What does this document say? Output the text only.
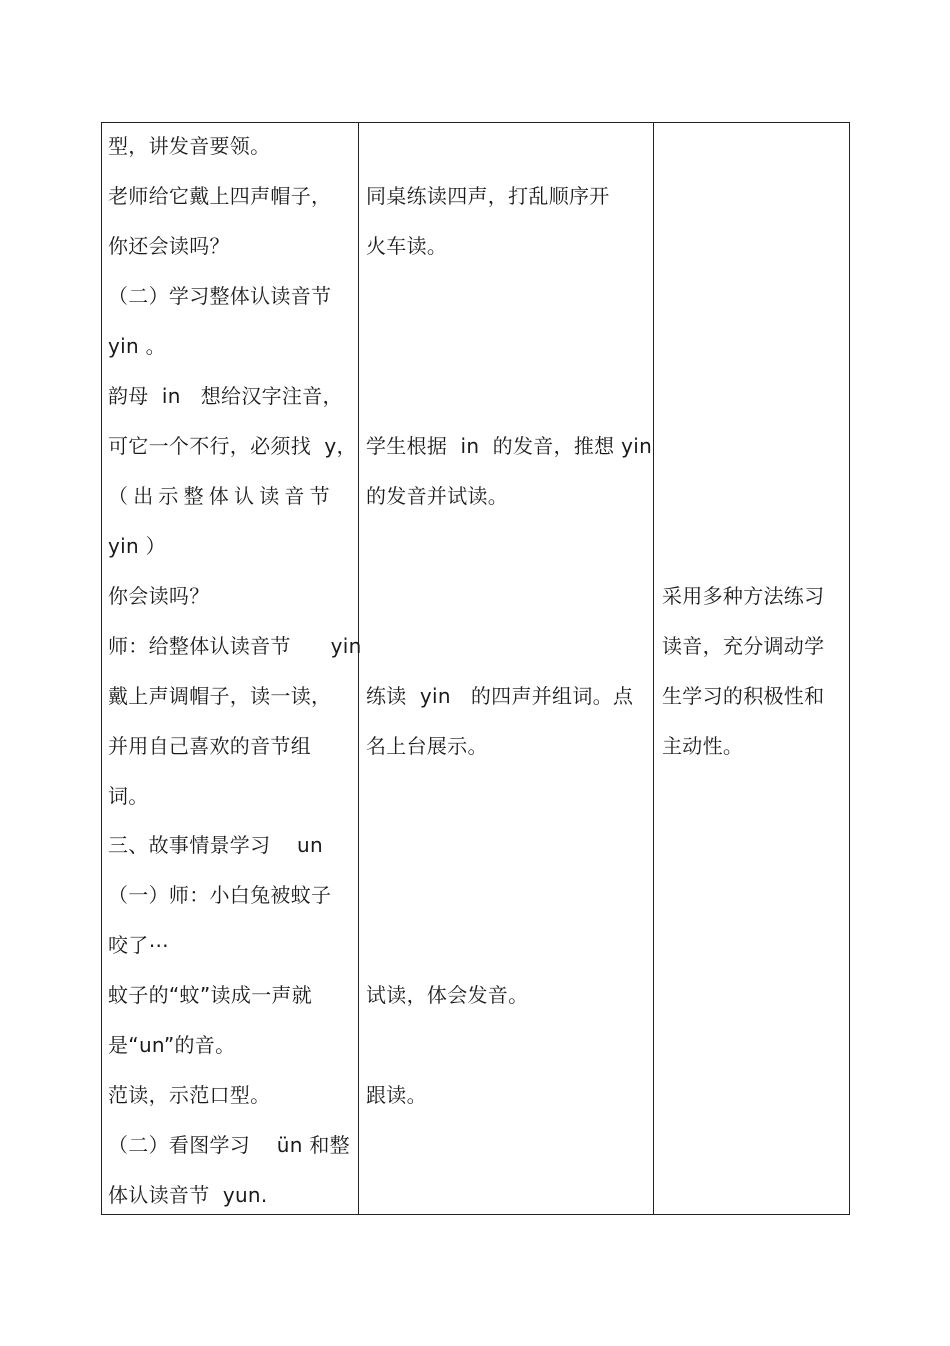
型，讲发音要领。
老师给它戴上四声帽子，
你还会读吗？
（二）学习整体认读音节
yin 。
韵母  in   想给汉字注音，
可它一个不行，必须找  y，
（出示整体认读音节
yin ）
你会读吗？
师：给整体认读音节      yin
戴上声调帽子，读一读，
并用自己喜欢的音节组
词。
三、故事情景学习    un
（一）师：小白兔被蚊子
咬了⋯
蚊子的“蚊”读成一声就
是“un”的音。
范读，示范口型。
（二）看图学习    ün 和整
体认读音节  yun.
同桌练读四声，打乱顺序开
火车读。
学生根据  in  的发音，推想 yin
的发音并试读。
练读  yin   的四声并组词。点
名上台展示。
试读，体会发音。
跟读。
采用多种方法练习
读音，充分调动学
生学习的积极性和
主动性。
